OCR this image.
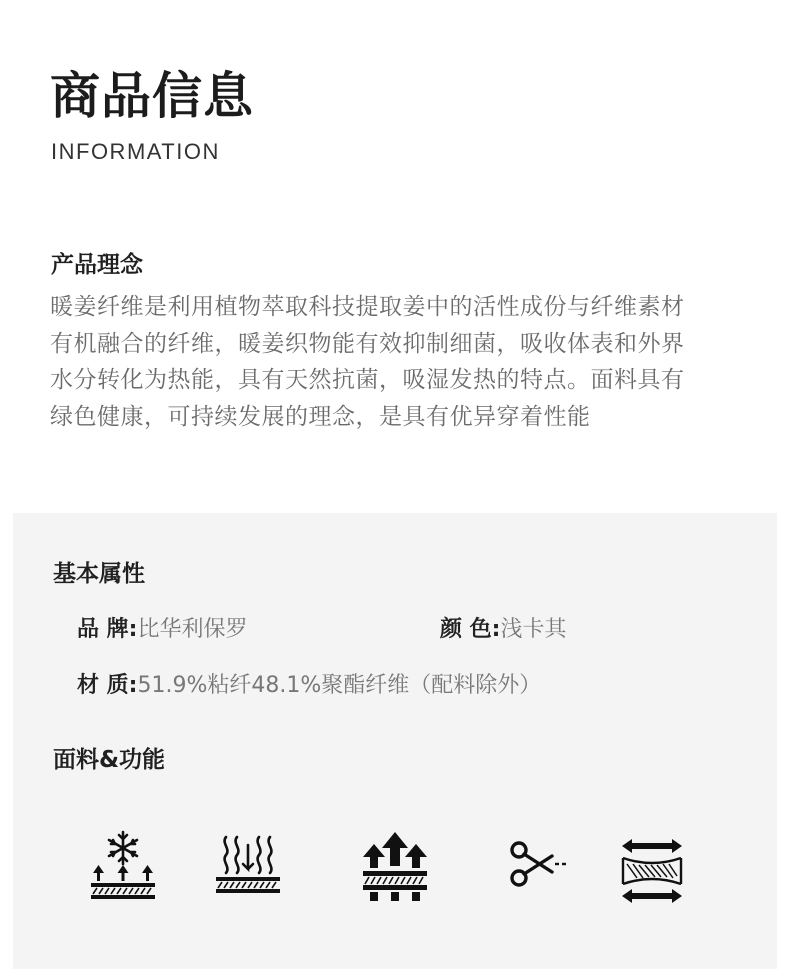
商品信息
INFORMATION
产品理念
暖姜纤维是利用植物萃取科技提取姜中的活性成份与纤维素材
有机融合的纤维，暖姜织物能有效抑制细菌，吸收体表和外界
水分转化为热能，具有天然抗菌，吸湿发热的特点。面料具有
绿色健康，可持续发展的理念，是具有优异穿着性能
基本属性
品 牌:比华利保罗	颜 色:浅卡其
材 质:51.9%粘纤48.1%聚酯纤维（配料除外）
面料&功能
